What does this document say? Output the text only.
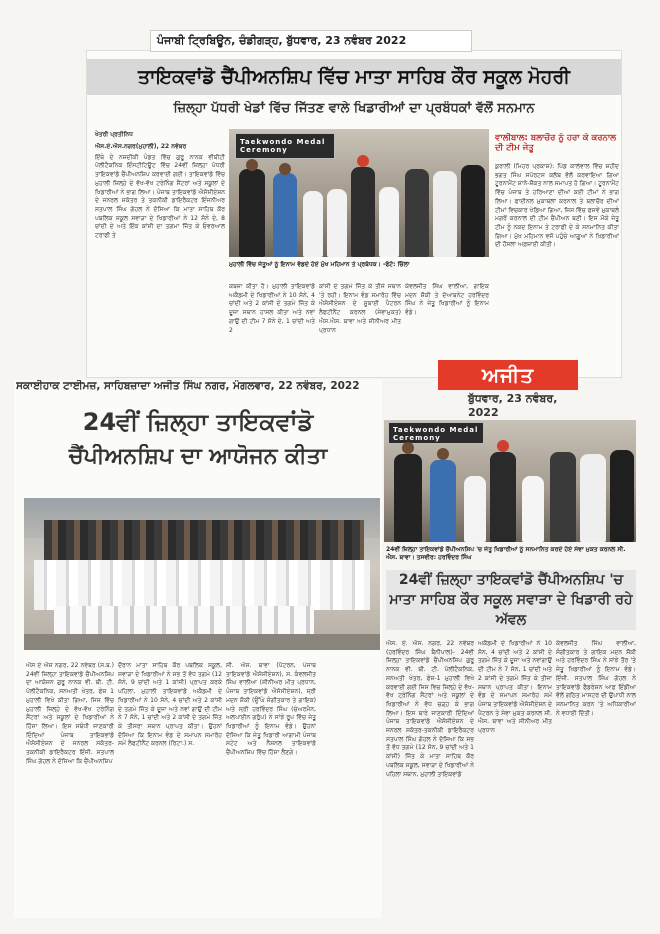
ਤਾਇਕਵਾਂਡੋ ਚੈਂਪੀਅਨਸ਼ਿਪ ਵਿੱਚ ਮਾਤਾ ਸਾਹਿਬ ਕੌਰ ਸਕੂਲ ਮੋਹਰੀ
ਜ਼ਿਲ੍ਹਾ ਪੱਧਰੀ ਖੇਡਾਂ ਵਿੱਚ ਜਿੱਤਣ ਵਾਲੇ ਖਿਡਾਰੀਆਂ ਦਾ ਪ੍ਰਬੰਧਕਾਂ ਵੱਲੋਂ ਸਨਮਾਨ
ਖੇਤਰੀ ਪ੍ਰਤੀਨਿਧ

ਐਸ.ਏ.ਐਸ.ਨਗਰ(ਮੁਹਾਲੀ), 22 ਨਵੰਬਰ

ਇੱਥੇ ਦੇ ਨਜ਼ਦੀਕੀ ਪੰਡਤ ਵਿੱਚ ਗੁਰੂ ਨਾਨਕ ਵੀਬੀਟੀ ਪੋਲੀਟੈਕਨਿਕ ਇੰਸਟੀਟਿਊਟ ਵਿੱਚ 24ਵੀਂ ਜ਼ਿਲ੍ਹਾ ਪੱਧਰੀ ਤਾਇਕਵਾਂਡੋ ਚੈਂਪੀਅਨਸ਼ਿਪ ਕਰਵਾਈ ਗਈ। ਤਾਇਕਵਾਂਡੋ ਵਿੱਚ ਮੁਹਾਲੀ ਜ਼ਿਲ੍ਹੇ ਦੇ ਵੱਖ-ਵੱਖ ਟਰੇਨਿੰਗ ਸੈਂਟਰਾਂ ਅਤੇ ਸਕੂਲਾਂ ਦੇ ਖਿਡਾਰੀਆਂ ਨੇ ਭਾਗ ਲਿਆ। ਪੰਜਾਬ ਤਾਇਕਵਾਂਡੋ ਐਸੋਸੀਏਸ਼ਨ ਦੇ ਜਨਰਲ ਸਕੱਤਰ ਤੇ ਤਕਨੀਕੀ ਡਾਇਰੈਕਟਰ ਇੰਜਨੀਅਰ ਸਤਪਾਲ ਸਿੰਘ ਗੋਹਲ ਨੇ ਦੱਸਿਆ ਕਿ ਮਾਤਾ ਸਾਹਿਬ ਕੌਰ ਪਬਲਿਕ ਸਕੂਲ ਸਵਾੜਾ ਦੇ ਖਿਡਾਰੀਆਂ ਨੇ 12 ਸੋਨੇ ਦੇ, 8 ਚਾਂਦੀ ਦੇ ਅਤੇ ਇੱਕ ਕਾਂਸੀ ਦਾ ਤਗਮਾ ਜਿੱਤ ਕੇ ਓਵਰਆਲ ਟਰਾਫੀ ਤੇ

Taekwondo Medal Ceremony
ਮੁਹਾਲੀ ਵਿੱਚ ਜੇਤੂਆਂ ਨੂੰ ਇਨਾਮ ਵੰਡਦੇ ਹੋਏ ਮੁੱਖ ਮਹਿਮਾਨ ਤੇ ਪ੍ਰਬੰਧਕ। -ਫੋਟੋ: ਚਿੱਲਾ
ਕਬਜ਼ਾ ਕੀਤਾ ਹੈ। ਮੁਹਾਲੀ ਤਾਇਕਵਾਂਡੋ ਅਕੈਡਮੀ ਦੇ ਖਿਡਾਰੀਆਂ ਨੇ 10 ਸੋਨੇ, 4 ਚਾਂਦੀ ਅਤੇ 2 ਕਾਂਸੀ ਦੇ ਤਗਮੇ ਜਿੱਤ ਕੇ ਦੂਜਾ ਸਥਾਨ ਹਾਸਲ ਕੀਤਾ ਅਤੇ ਨਵਾਂ ਗਾਉਂ ਦੀ ਟੀਮ 7 ਸੋਨੇ ਦੇ, 1 ਚਾਂਦੀ ਅਤੇ 2
ਕਾਂਸੀ ਦੇ ਤਗਮੇ ਜਿੱਤ ਕੇ ਤੀਜੇ ਸਥਾਨ 'ਤੇ ਰਹੀ। ਇਨਾਮ ਵੰਡ ਸਮਾਰੋਹ ਵਿੱਚ ਐਸੋਸੀਏਸ਼ਨ ਦੇ ਸੂਬਾਈ ਪੈਟਰਨ ਲੈਫਟੀਨੈਂਟ ਕਰਨਲ (ਸੇਵਾਮੁਕਤ) ਐਸ.ਐਸ. ਬਾਵਾ ਅਤੇ ਸੀਨੀਅਰ ਮੀਤ ਪ੍ਰਧਾਨ
ਕੰਵਲਜੀਤ ਸਿੰਘ ਵਾਲੀਆ, ਗਾਇਕ ਮਦਨ ਸ਼ੌਕੀ ਤੇ ਦੋਆਬਨੇਟ ਹਰਵਿੰਦਰ ਸਿੰਘ ਨੇ ਜੇਤੂ ਖਿਡਾਰੀਆਂ ਨੂੰ ਇਨਾਮ ਵੰਡੇ।
ਵਾਲੀਬਾਲ: ਬਲਾਚੌਰ ਨੂੰ ਹਰਾ ਕੇ ਕਰਨਾਲ ਦੀ ਟੀਮ ਜੇਤੂ
ਕੁਰਾਲੀ (ਮਿਹਰ ਪ੍ਰਕਾਸ਼): ਪਿੰਡ ਕਾਲੇਵਾਲ ਵਿੱਚ ਸ਼ਹੀਦ ਭਗਤ ਸਿੰਘ ਸਪੋਰਟਸ ਕਲੱਬ ਵੱਲੋਂ ਕਰਵਾਇਆ ਗਿਆ ਟੂਰਨਾਮੈਂਟ ਸ਼ਾਨੋ-ਸ਼ੌਕਤ ਨਾਲ ਸਮਾਪਤ ਹੋ ਗਿਆ। ਟੂਰਨਾਮੈਂਟ ਵਿੱਚ ਪੰਜਾਬ ਤੇ ਹਰਿਆਣਾ ਦੀਆਂ ਕਈ ਟੀਮਾਂ ਨੇ ਭਾਗ ਲਿਆ। ਫਾਈਨਲ ਮੁਕਾਬਲਾ ਕਰਨਾਲ ਤੇ ਬਲਾਚੌਰ ਦੀਆਂ ਟੀਮਾਂ ਵਿਚਕਾਰ ਖੇਡਿਆ ਗਿਆ, ਜਿਸ ਵਿੱਚ ਫਸਵੇਂ ਮੁਕਾਬਲੇ ਮਗਰੋਂ ਕਰਨਾਲ ਦੀ ਟੀਮ ਚੈਂਪੀਅਨ ਬਣੀ। ਇਸ ਮੌਕੇ ਜੇਤੂ ਟੀਮ ਨੂੰ ਨਕਦ ਇਨਾਮ ਤੇ ਟਰਾਫੀ ਦੇ ਕੇ ਸਨਮਾਨਿਤ ਕੀਤਾ ਗਿਆ। ਮੁੱਖ ਮਹਿਮਾਨ ਵਜੋਂ ਪਹੁੰਚੇ ਆਗੂਆਂ ਨੇ ਖਿਡਾਰੀਆਂ ਦੀ ਹੌਸਲਾ ਅਫ਼ਜ਼ਾਈ ਕੀਤੀ।
ਪੰਜਾਬੀ ਟ੍ਰਿਬਿਊਨ, ਚੰਡੀਗੜ੍ਹ, ਬੁੱਧਵਾਰ, 23 ਨਵੰਬਰ 2022
ਸਕਾਈਹਾਕ ਟਾਈਮਜ਼, ਸਾਹਿਬਜ਼ਾਦਾ ਅਜੀਤ ਸਿੰਘ ਨਗਰ, ਮੰਗਲਵਾਰ, 22 ਨਵੰਬਰ, 2022
24ਵੀਂ ਜ਼ਿਲ੍ਹਾ ਤਾਇਕਵਾਂਡੋ
ਚੈਂਪੀਅਨਸ਼ਿਪ ਦਾ ਆਯੋਜਨ ਕੀਤਾ
ਐਸ ਏ ਐਸ ਨਗਰ, 22 ਨਵੰਬਰ (ਸ.ਬ.) 24ਵੀਂ ਜ਼ਿਲ੍ਹਾ ਤਾਇਕਵਾਂਡੋ ਚੈਂਪੀਅਨਸ਼ਿਪ ਦਾ ਆਯੋਜਨ ਗੁਰੂ ਨਾਨਕ ਵੀ. ਬੀ. ਟੀ. ਪੋਲੀਟੈਕਨਿਕ, ਸਨਅਤੀ ਖੇਤਰ, ਫੇਜ਼ 1 ਮੁਹਾਲੀ ਵਿਖੇ ਕੀਤਾ ਗਿਆ, ਜਿਸ ਵਿੱਚ ਮੁਹਾਲੀ ਜ਼ਿਲ੍ਹੇ ਦੇ ਵੱਖ-ਵੱਖ ਟਰੇਨਿੰਗ ਸੈਂਟਰਾਂ ਅਤੇ ਸਕੂਲਾਂ ਦੇ ਖਿਡਾਰੀਆਂ ਨੇ ਹਿੱਸਾ ਲਿਆ। ਇਸ ਸਬੰਧੀ ਜਾਣਕਾਰੀ ਦਿੰਦਿਆਂ ਪੰਜਾਬ ਤਾਇਕਵਾਂਡੋ ਐਸੋਸੀਏਸ਼ਨ ਦੇ ਜਨਰਲ ਸਕੱਤਰ-ਤਕਨੀਕੀ ਡਾਇਰੈਕਟਰ ਇੰਜੀ. ਸਤਪਾਲ ਸਿੰਘ ਗੋਹਲ ਨੇ ਦੱਸਿਆ ਕਿ ਚੈਂਪੀਅਨਸ਼ਿਪ
ਦੌਰਾਨ ਮਾਤਾ ਸਾਹਿਬ ਕੌਰ ਪਬਲਿਕ ਸਕੂਲ, ਸਵਾੜਾ ਦੇ ਖਿਡਾਰੀਆਂ ਨੇ ਸਭ ਤੋਂ ਵੱਧ ਤਗਮੇ (12 ਸੋਨੇ, 9 ਚਾਂਦੀ ਅਤੇ 1 ਕਾਂਸੀ) ਪ੍ਰਾਪਤ ਕਰਕੇ ਪਹਿਲਾ, ਮੁਹਾਲੀ ਤਾਇਕਵਾਂਡੋ ਅਕੈਡਮੀ ਦੇ ਖਿਡਾਰੀਆਂ ਨੇ 10 ਸੋਨੇ, 4 ਚਾਂਦੀ ਅਤੇ 2 ਕਾਂਸੀ ਦੇ ਤਗਮੇ ਜਿੱਤ ਕੇ ਦੂਜਾ ਅਤੇ ਨਵਾਂ ਗਾਉਂ ਦੀ ਟੀਮ ਨੇ 7 ਸੋਨੇ, 1 ਚਾਂਦੀ ਅਤੇ 2 ਕਾਂਸੀ ਦੇ ਤਗਮੇ ਜਿੱਤ ਕੇ ਤੀਸਰਾ ਸਥਾਨ ਪ੍ਰਾਪਤ ਕੀਤਾ। ਉਹਨਾਂ ਦੱਸਿਆ ਕਿ ਇਨਾਮ ਵੰਡ ਦੇ ਸਮਾਪਨ ਸਮਾਰੋਹ ਸਮੇਂ ਲੈਫਟੀਨੈਂਟ ਕਰਨਲ (ਰਿਟਾ.) ਸ.
ਸੀ. ਐਸ. ਬਾਵਾ (ਪੈਟਰਨ, ਪੰਜਾਬ ਤਾਇਕਵਾਂਡੋ ਐਸੋਸੀਏਸ਼ਨ), ਸ. ਕੰਵਲਜੀਤ ਸਿੰਘ ਵਾਲੀਆ (ਸੀਨੀਅਰ ਮੀਤ ਪ੍ਰਧਾਨ, ਪੰਜਾਬ ਤਾਇਕਵਾਂਡੋ ਐਸੋਸੀਏਸ਼ਨ), ਸ੍ਰੀ ਮਦਨ ਸ਼ੌਕੀ (ਉੱਘੇ ਸੰਗੀਤਕਾਰ ਤੇ ਗਾਇਕ) ਅਤੇ ਸ੍ਰੀ ਹਰਵਿੰਦਰ ਸਿੰਘ (ਚੇਅਰਮੈਨ, ਅਲਪਾਈਨ ਗਰੁੱਪ) ਨੇ ਸਾਂਝੇ ਰੂਪ ਵਿੱਚ ਜੇਤੂ ਖਿਡਾਰੀਆਂ ਨੂੰ ਇਨਾਮ ਵੰਡੇ। ਉਹਨਾਂ ਦੱਸਿਆ ਕਿ ਜੇਤੂ ਖਿਡਾਰੀ ਆਗਾਮੀ ਪੰਜਾਬ ਸਟੇਟ ਅਤੇ ਨੈਸ਼ਨਲ ਤਾਇਕਵਾਂਡੋ ਚੈਂਪੀਅਨਸ਼ਿਪ ਵਿੱਚ ਹਿੱਸਾ ਲੈਣਗੇ।
ਅਜੀਤ
ਬੁੱਧਵਾਰ, 23 ਨਵੰਬਰ, 2022
Taekwondo Medal Ceremony
24ਵੀਂ ਜ਼ਿਲ੍ਹਾ ਤਾਇਕਵਾਂਡੋ ਚੈਂਪੀਅਨਸ਼ਿਪ 'ਚ ਜੇਤੂ ਖਿਡਾਰੀਆਂ ਨੂੰ ਸਨਮਾਨਿਤ ਕਰਦੇ ਹੋਏ ਸੇਵਾ ਮੁਕਤ ਕਰਨਲ ਸੀ. ਐਸ. ਬਾਵਾ। ਤਸਵੀਰ: ਹਰਵਿੰਦਰ ਸਿੰਘ
24ਵੀਂ ਜ਼ਿਲ੍ਹਾ ਤਾਇਕਵਾਂਡੋ ਚੈਂਪੀਅਨਸ਼ਿਪ 'ਚ ਮਾਤਾ ਸਾਹਿਬ ਕੌਰ ਸਕੂਲ ਸਵਾੜਾ ਦੇ ਖਿਡਾਰੀ ਰਹੇ ਅੱਵਲ
ਐਸ. ਏ. ਐਸ. ਨਗਰ, 22 ਨਵੰਬਰ (ਹਰਵਿੰਦਰ ਸਿੰਘ ਬੈਨੀਪਾਲ)- 24ਵੀਂ ਜ਼ਿਲ੍ਹਾ ਤਾਇਕਵਾਂਡੋ ਚੈਂਪੀਅਨਸ਼ਿਪ ਗੁਰੂ ਨਾਨਕ ਵੀ. ਬੀ. ਟੀ. ਪੋਲੀਟੈਕਨਿਕ, ਸਨਅਤੀ ਖੇਤਰ, ਫੇਜ਼-1 ਮੁਹਾਲੀ ਵਿਖੇ ਕਰਵਾਈ ਗਈ ਜਿਸ ਵਿਚ ਜ਼ਿਲ੍ਹੇ ਦੇ ਵੱਖ-ਵੱਖ ਟ੍ਰੇਨਿੰਗ ਸੈਂਟਰਾਂ ਅਤੇ ਸਕੂਲਾਂ ਦੇ ਖਿਡਾਰੀਆਂ ਨੇ ਵੱਧ ਚੜ੍ਹ ਕੇ ਭਾਗ ਲਿਆ। ਇਸ ਬਾਰੇ ਜਾਣਕਾਰੀ ਦਿੰਦਿਆਂ ਪੰਜਾਬ ਤਾਇਕਵਾਂਡੋ ਐਸੋਸੀਏਸ਼ਨ ਦੇ ਜਨਰਲ ਸਕੱਤਰ-ਤਕਨੀਕੀ ਡਾਇਰੈਕਟਰ ਸਤਪਾਲ ਸਿੰਘ ਗੋਹਲ ਨੇ ਦੱਸਿਆ ਕਿ ਸਭ ਤੋਂ ਵੱਧ ਤਗਮੇ (12 ਸੋਨ, 9 ਚਾਂਦੀ ਅਤੇ 1 ਕਾਂਸੀ) ਜਿੱਤ ਕੇ ਮਾਤਾ ਸਾਹਿਬ ਕੌਰ ਪਬਲਿਕ ਸਕੂਲ, ਸਵਾੜਾ ਦੇ ਖਿਡਾਰੀਆਂ ਨੇ ਪਹਿਲਾ ਸਥਾਨ, ਮੁਹਾਲੀ ਤਾਇਕਵਾਂਡੋ
ਅਕੈਡਮੀ ਦੇ ਖਿਡਾਰੀਆਂ ਨੇ 10 ਸੋਨ, 4 ਚਾਂਦੀ ਅਤੇ 2 ਕਾਂਸੀ ਦੇ ਤਗਮੇ ਜਿੱਤ ਕੇ ਦੂਜਾ ਅਤੇ ਨਵਾਂਗਾਉਂ ਦੀ ਟੀਮ ਨੇ 7 ਸੋਨ, 1 ਚਾਂਦੀ ਅਤੇ 2 ਕਾਂਸੀ ਦੇ ਤਗਮੇ ਜਿੱਤ ਕੇ ਤੀਜਾ ਸਥਾਨ ਪ੍ਰਾਪਤ ਕੀਤਾ। ਇਨਾਮ ਵੰਡ ਦੇ ਸਮਾਪਨ ਸਮਾਰੋਹ ਸਮੇਂ ਪੰਜਾਬ ਤਾਇਕਵਾਂਡੋ ਐਸੋਸੀਏਸ਼ਨ ਦੇ ਪੈਟਰਨ ਤੇ ਸੇਵਾ ਮੁਕਤ ਕਰਨਲ ਸੀ. ਐਸ. ਬਾਵਾ ਅਤੇ ਸੀਨੀਅਰ ਮੀਤ ਪ੍ਰਧਾਨ
ਕੰਵਲਜੀਤ ਸਿੰਘ ਵਾਲੀਆ, ਸੰਗੀਤਕਾਰ ਤੇ ਗਾਇਕ ਮਦਨ ਸ਼ੌਕੀ ਅਤੇ ਹਰਵਿੰਦਰ ਸਿੰਘ ਨੇ ਸਾਂਝੇ ਤੌਰ 'ਤੇ ਜੇਤੂ ਖਿਡਾਰੀਆਂ ਨੂੰ ਇਨਾਮ ਵੰਡੇ। ਇੰਜੀ. ਸਤਪਾਲ ਸਿੰਘ ਗੋਹਲ ਨੇ ਤਾਇਕਵਾਂਡੋ ਫੈਡਰੇਸ਼ਨ ਆਫ਼ ਇੰਡੀਆ ਵੱਲੋਂ ਗਠਿਤ ਮਾਸਟਰ ਦੀ ਉਪਾਧੀ ਨਾਲ ਸਨਮਾਨਿਤ ਕਰਨ 'ਤੇ ਅਧਿਕਾਰੀਆਂ ਨੇ ਵਧਾਈ ਦਿੱਤੀ।
